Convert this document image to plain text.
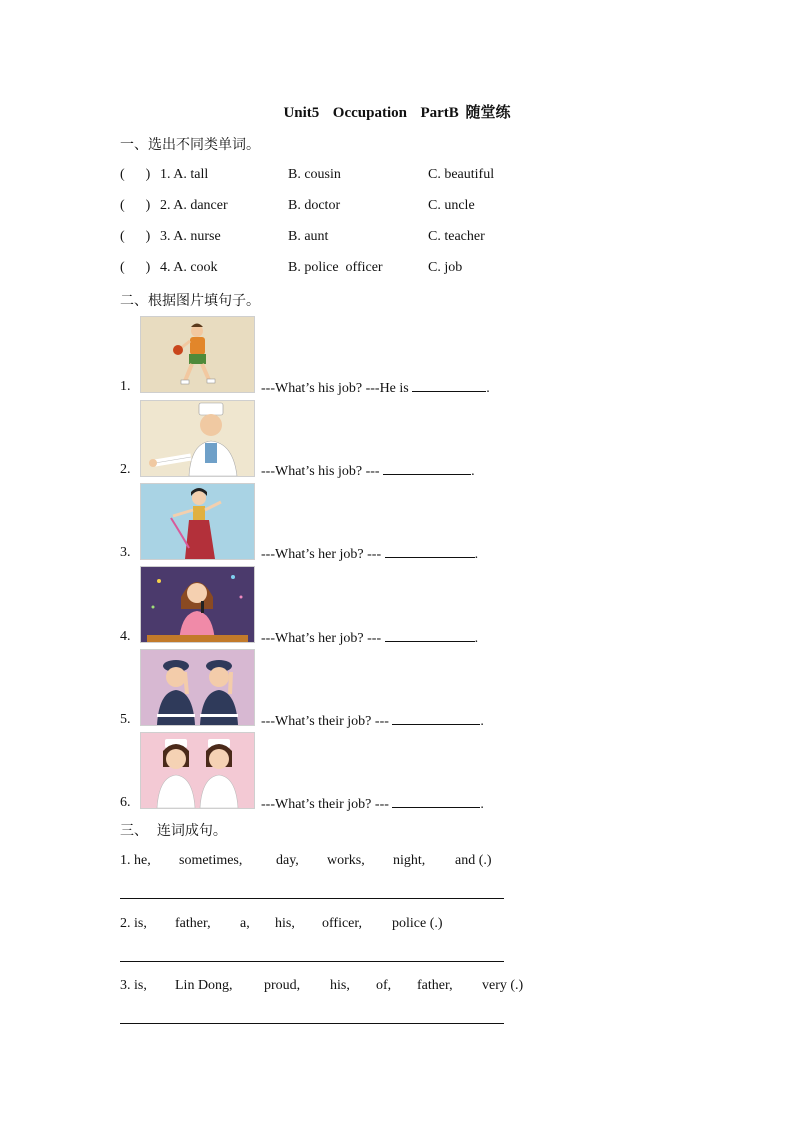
Unit5  Occupation  PartB 随堂练
一、选出不同类单词。
(      ) 1. A. tall	B. cousin	C. beautiful
(      ) 2. A. dancer	B. doctor	C. uncle
(      ) 3. A. nurse	B. aunt	C. teacher
(      ) 4. A. cook	B. police  officer	C. job
二、根据图片填句子。
1.	---What’s his job? ---He is	.
2.	---What’s his job? ---	.
3.	---What’s her job? ---	.
4.	---What’s her job? ---	.
5.	---What’s their job? ---	.
6.	---What’s their job? ---	.
三、  连词成句。
1. he, sometimes, day, works, night, and (.)
2. is, father, a, his, officer, police (.)
3. is, Lin Dong, proud, his, of, father, very (.)
